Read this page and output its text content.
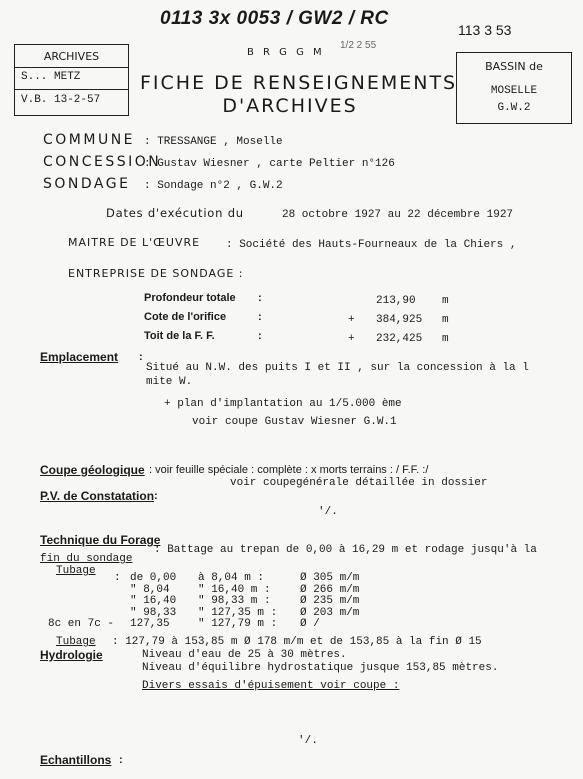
0113 3x 0053 / GW2 / RC
113 3 53
ARCHIVES
S... METZ
V.B. 13-2-57
B R G G M
1/2 2 55
FICHE DE RENSEIGNEMENTS
D'ARCHIVES
BASSIN de
MOSELLE
G.W.2
COMMUNE : TRESSANGE , Moselle
CONCESSION
: Gustav Wiesner , carte Peltier n°126
SONDAGE : Sondage n°2 , G.W.2
Dates d'exécution du	28 octobre 1927 au 22 décembre 1927
MAITRE DE L'ŒUVRE : Société des Hauts-Fourneaux de la Chiers ,
ENTREPRISE DE SONDAGE :
Profondeur totale :	213,90 m
Cote de l'orifice	:	+ 384,925 m
Toit de la F. F.	:	+ 232,425 m
Emplacement :
Situé au N.W. des puits I et II , sur la concession à la l
mite W.
+ plan d'implantation au 1/5.000 ème
voir coupe Gustav Wiesner G.W.1
Coupe géologique : voir feuille spéciale : complète : x morts terrains : / F.F. :/
voir coupegénérale détaillée in dossier
P.V. de Constatation :
'/.
Technique du Forage
: Battage au trepan de 0,00 à 16,29 m et rodage jusqu'à la
fin du sondage
Tubage
: de 0,00 à 8,04 m :	Ø 305 m/m
" 8,04	" 16,40 m :	Ø 266 m/m
" 16,40 " 98,33 m :	Ø 235 m/m
" 98,33 " 127,35 m : Ø 203 m/m
8c en 7c - 127,35	" 127,79 m : Ø /
Tubage : 127,79 à 153,85 m Ø 178 m/m et de 153,85 à la fin Ø 15
Hydrologie	Niveau d'eau de 25 à 30 mètres.
Niveau d'équilibre hydrostatique jusque 153,85 mètres.
Divers essais d'épuisement voir coupe :
'/.
Echantillons :
